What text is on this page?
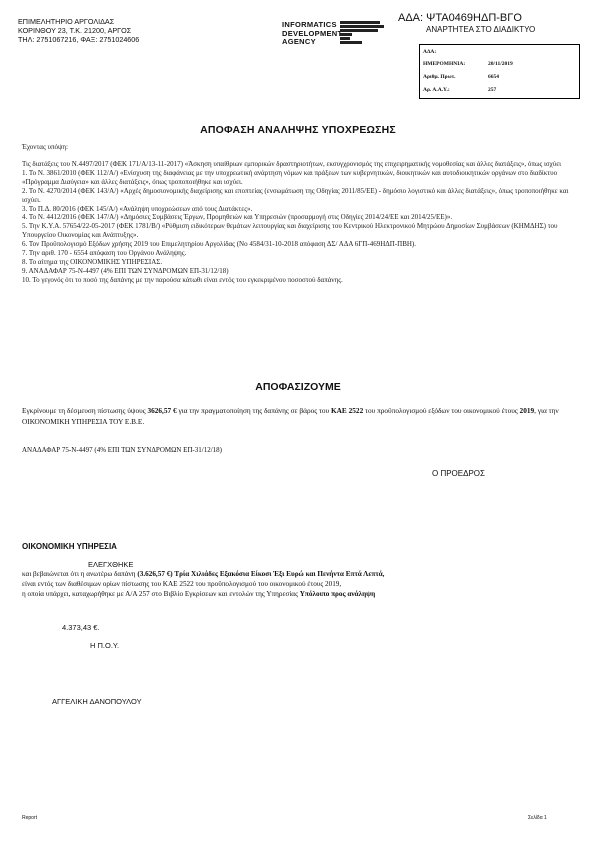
ΕΠΙΜΕΛΗΤΗΡΙΟ ΑΡΓΟΛΙΔΑΣ
ΚΟΡΙΝΘΟΥ 23, Τ.Κ. 21200, ΑΡΓΟΣ
ΤΗΛ: 2751067216, ΦΑΞ: 2751024606
INFORMATICS
DEVELOPMENT
AGENCY
ΑΔΑ: ΨΤΑ0469ΗΔΠ-ΒΓΟ
ΑΝΑΡΤΗΤΕΑ ΣΤΟ ΔΙΑΔΙΚΤΥΟ
ΑΔΑ:
ΗΜΕΡΟΜΗΝΙΑ:	20/11/2019
Αριθμ. Πρωτ.	6654
Αρ. Α.Α.Υ.:	257
ΑΠΟΦΑΣΗ ΑΝΑΛΗΨΗΣ ΥΠΟΧΡΕΩΣΗΣ
Έχοντας υπόψη:

Τις διατάξεις του Ν.4497/2017 (ΦΕΚ 171/Α/13-11-2017) «Άσκηση υπαίθριων εμπορικών δραστηριοτήτων, εκσυγχρονισμός της επιχειρηματικής νομοθεσίας και άλλες διατάξεις», όπως ισχύει

1. Το Ν. 3861/2010 (ΦΕΚ 112/Α/) «Ενίσχυση της διαφάνειας με την υποχρεωτική ανάρτηση νόμων και πράξεων των κυβερνητικών, διοικητικών και αυτοδιοικητικών οργάνων στο διαδίκτυο «Πρόγραμμα Διαύγεια» και άλλες διατάξεις», όπως τροποποιήθηκε και ισχύει.

2. Το Ν. 4270/2014 (ΦΕΚ 143/Α/) «Αρχές δημοσιονομικής διαχείρισης και εποπτείας (ενσωμάτωση της Οδηγίας 2011/85/ΕΕ) - δημόσιο λογιστικό και άλλες διατάξεις», όπως τροποποιήθηκε και ισχύει.

3. Το Π.Δ. 80/2016 (ΦΕΚ 145/Α/) «Ανάληψη υποχρεώσεων από τους Διατάκτες».

4. Το Ν. 4412/2016 (ΦΕΚ 147/Α/) «Δημόσιες Συμβάσεις Έργων, Προμηθειών και Υπηρεσιών (προσαρμογή στις Οδηγίες 2014/24/ΕΕ και 2014/25/ΕΕ)».

5. Την Κ.Υ.Α. 57654/22-05-2017 (ΦΕΚ 1781/Β/) «Ρύθμιση ειδικότερων θεμάτων λειτουργίας και διαχείρισης του Κεντρικού Ηλεκτρονικού Μητρώου Δημοσίων Συμβάσεων (ΚΗΜΔΗΣ) του Υπουργείου Οικονομίας και Ανάπτυξης».

6. Τον Προϋπολογισμό Εξόδων χρήσης 2019 του Επιμελητηρίου Αργολίδας (Νο 4584/31-10-2018 απόφαση ΔΣ/ ΑΔΑ 6ΓΠ-469ΗΔΠ-ΠΒΗ).

7. Την αριθ. 170 - 6554 απόφαση του Οργάνου Ανάληψης.

8. Το αίτημα της ΟΙΚΟΝΟΜΙΚΗΣ ΥΠΗΡΕΣΙΑΣ.

9. ΑΝΑΔΑΦΑΡ 75-Ν-4497 (4% ΕΠΙ ΤΩΝ ΣΥΝΔΡΟΜΩΝ ΕΠ-31/12/18)

10. Το γεγονός ότι το ποσό της δαπάνης με την παρούσα κάτωθι είναι εντός του εγκεκριμένου ποσοστού δαπάνης.

ΑΠΟΦΑΣΙΖΟΥΜΕ
Εγκρίνουμε τη δέσμευση πίστωσης ύψους 3626,57 € για την πραγματοποίηση της δαπάνης σε βάρος του ΚΑΕ 2522 του προϋπολογισμού εξόδων του οικονομικού έτους 2019, για την ΟΙΚΟΝΟΜΙΚΗ ΥΠΗΡΕΣΙΑ ΤΟΥ Ε.Β.Ε.
ΑΝΑΔΑΦΑΡ 75-Ν-4497 (4% ΕΠΙ ΤΩΝ ΣΥΝΔΡΟΜΩΝ ΕΠ-31/12/18)
Ο ΠΡΟΕΔΡΟΣ
ΟΙΚΟΝΟΜΙΚΗ ΥΠΗΡΕΣΙΑ
ΕΛΕΓΧΘΗΚΕ

και βεβαιώνεται ότι η ανωτέρω δαπάνη (3.626,57 €) Τρία Χιλιάδες Εξακόσια Είκοσι Έξι Ευρώ και Πενήντα Επτά Λεπτά,

είναι εντός των διαθέσιμων ορίων πίστωσης του ΚΑΕ 2522 του προϋπολογισμού του οικονομικού έτους 2019,

η οποία υπάρχει, καταχωρήθηκε με Α/Α 257 στο Βιβλίο Εγκρίσεων και εντολών της Υπηρεσίας Υπόλοιπο προς ανάληψη

4.373,43 €.
Η Π.Ο.Υ.
ΑΓΓΕΛΙΚΗ ΔΑΝΟΠΟΥΛΟΥ
Report	Σελίδα 1
